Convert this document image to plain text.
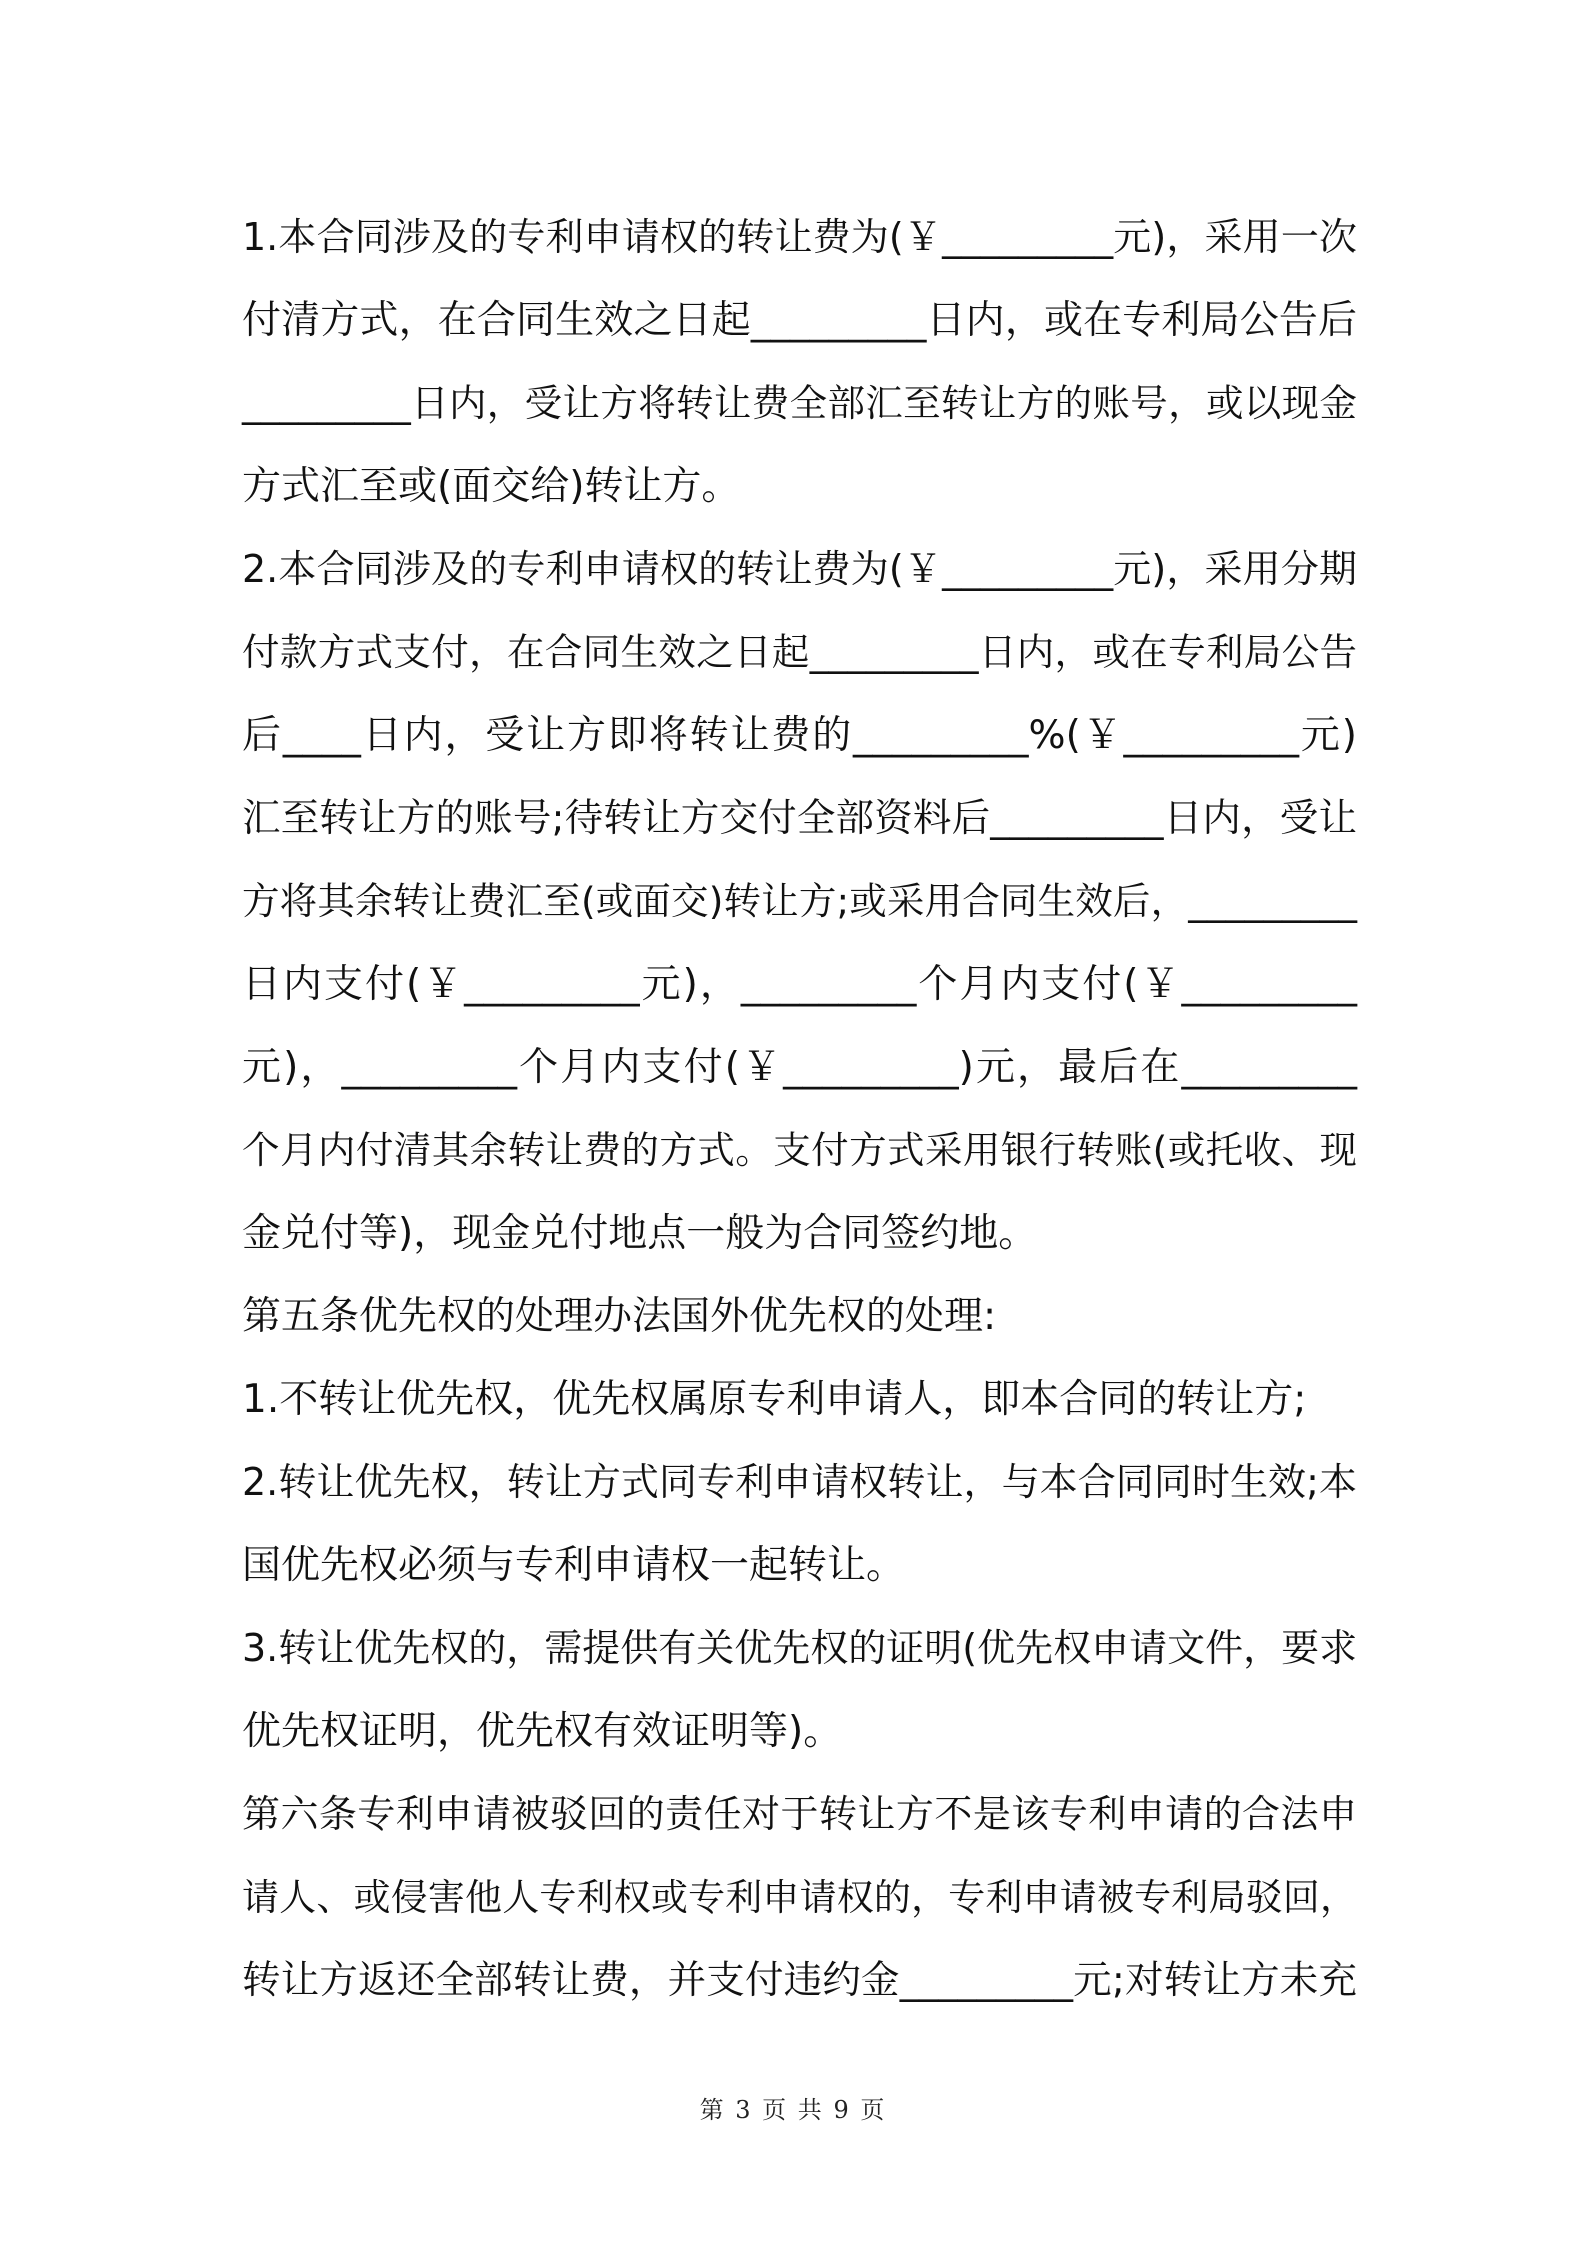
1.本合同涉及的专利申请权的转让费为(￥_________元)，采用一次
付清方式，在合同生效之日起_________日内，或在专利局公告后
_________日内，受让方将转让费全部汇至转让方的账号，或以现金
方式汇至或(面交给)转让方。
2.本合同涉及的专利申请权的转让费为(￥_________元)，采用分期
付款方式支付，在合同生效之日起_________日内，或在专利局公告
后____日内，受让方即将转让费的_________%(￥_________元)
汇至转让方的账号;待转让方交付全部资料后_________日内，受让
方将其余转让费汇至(或面交)转让方;或采用合同生效后，_________
日内支付(￥_________元)，_________个月内支付(￥_________
元)，_________个月内支付(￥_________)元，最后在_________
个月内付清其余转让费的方式。支付方式采用银行转账(或托收、现
金兑付等)，现金兑付地点一般为合同签约地。
第五条优先权的处理办法国外优先权的处理:
1.不转让优先权，优先权属原专利申请人，即本合同的转让方;
2.转让优先权，转让方式同专利申请权转让，与本合同同时生效;本
国优先权必须与专利申请权一起转让。
3.转让优先权的，需提供有关优先权的证明(优先权申请文件，要求
优先权证明，优先权有效证明等)。
第六条专利申请被驳回的责任对于转让方不是该专利申请的合法申
请人、或侵害他人专利权或专利申请权的，专利申请被专利局驳回，
转让方返还全部转让费，并支付违约金_________元;对转让方未充
第 3 页 共 9 页
